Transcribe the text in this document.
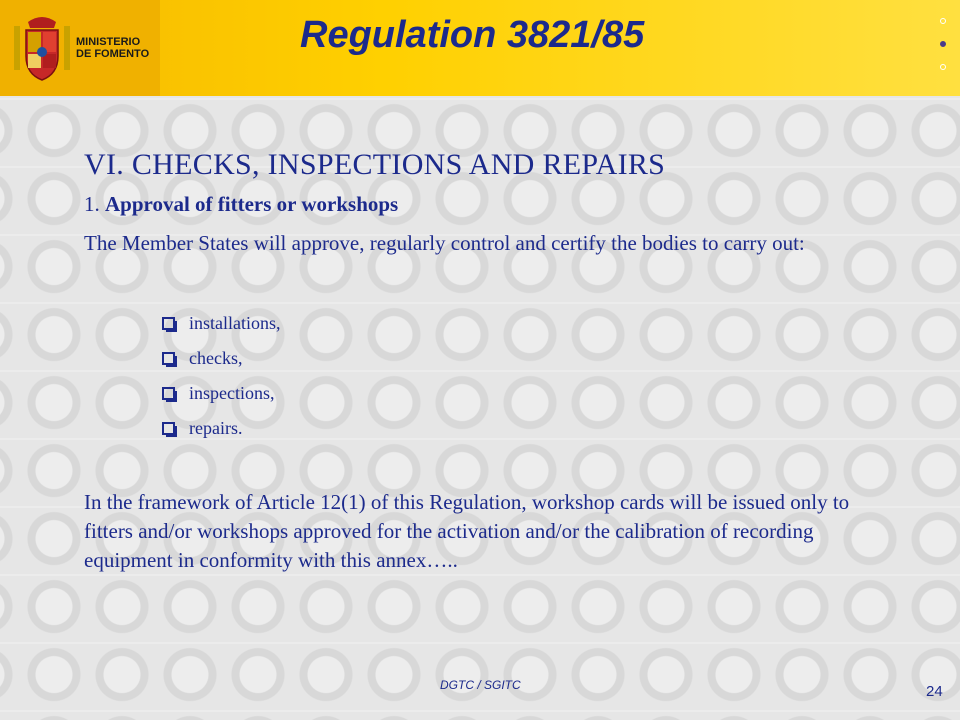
MINISTERIO
DE FOMENTO	Regulation 3821/85
VI. CHECKS, INSPECTIONS AND REPAIRS
1. Approval of fitters or workshops
The Member States will approve, regularly control and certify the bodies to carry out:
installations,
checks,
inspections,
repairs.
In the framework of Article 12(1) of this Regulation, workshop cards will be issued only to fitters and/or workshops approved for the activation and/or the calibration of recording equipment in conformity with this annex…..
DGTC / SGITC	24
